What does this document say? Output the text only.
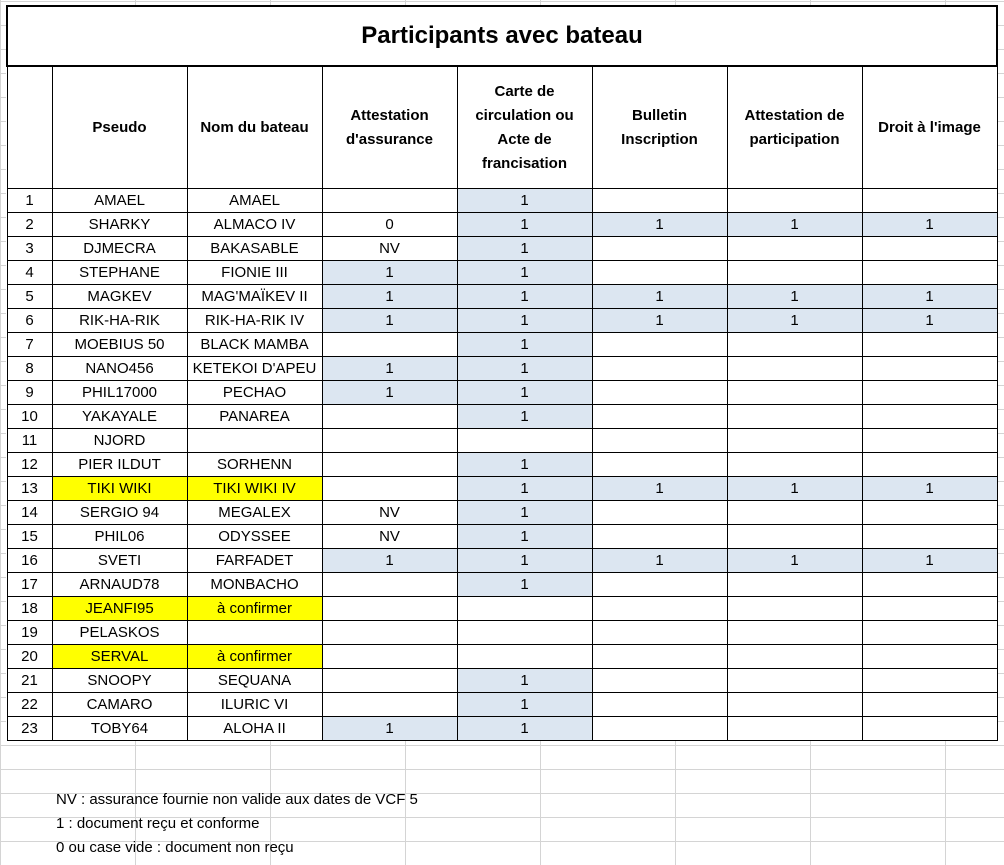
Participants avec bateau							
	Pseudo	Nom du bateau	Attestation d'assurance	Carte de circulation ou Acte de francisation	Bulletin Inscription	Attestation de participation	Droit à l'image
1	AMAEL	AMAEL		1			
2	SHARKY	ALMACO IV	0	1	1	1	1
3	DJMECRA	BAKASABLE	NV	1			
4	STEPHANE	FIONIE III	1	1			
5	MAGKEV	MAG'MAÏKEV II	1	1	1	1	1
6	RIK-HA-RIK	RIK-HA-RIK IV	1	1	1	1	1
7	MOEBIUS 50	BLACK MAMBA		1			
8	NANO456	KETEKOI D'APEU	1	1			
9	PHIL17000	PECHAO	1	1			
10	YAKAYALE	PANAREA		1			
11	NJORD						
12	PIER ILDUT	SORHENN		1			
13	TIKI WIKI	TIKI WIKI IV		1	1	1	1
14	SERGIO 94	MEGALEX	NV	1			
15	PHIL06	ODYSSEE	NV	1			
16	SVETI	FARFADET	1	1	1	1	1
17	ARNAUD78	MONBACHO		1			
18	JEANFI95	à confirmer					
19	PELASKOS						
20	SERVAL	à confirmer					
21	SNOOPY	SEQUANA		1			
22	CAMARO	ILURIC VI		1			
23	TOBY64	ALOHA II	1	1			
NV : assurance fournie non valide aux dates de VCF 5
1 : document reçu et conforme
0 ou case vide : document non reçu
